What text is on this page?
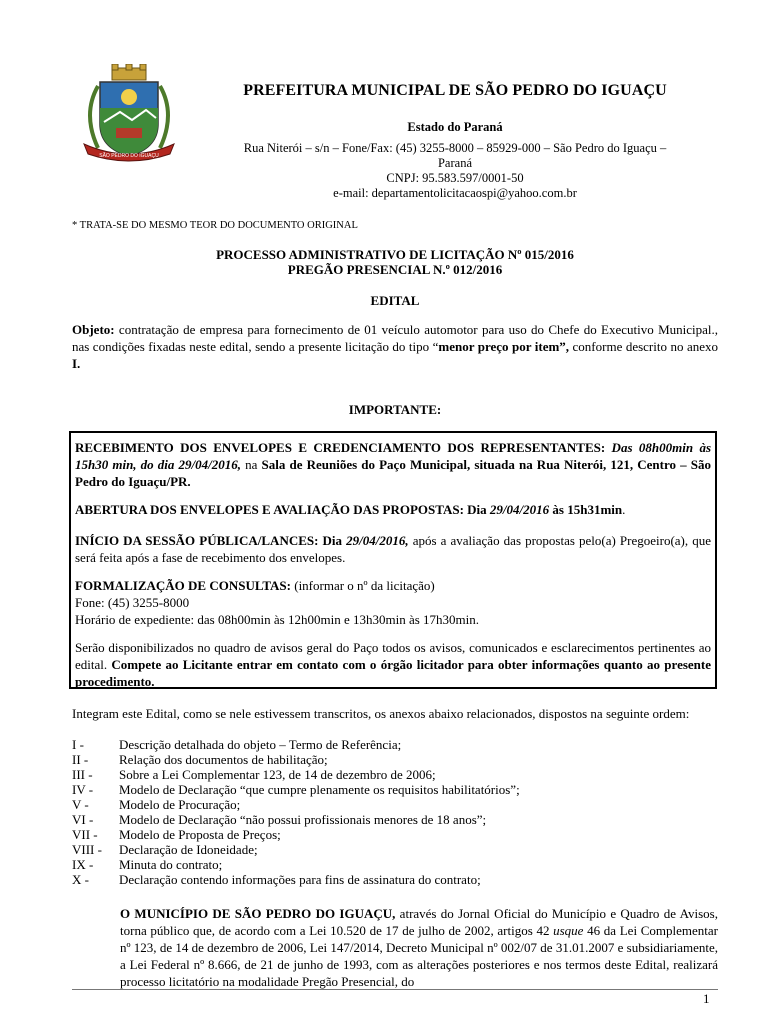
SÃO PEDRO DO IGUAÇU
PREFEITURA MUNICIPAL DE SÃO PEDRO DO IGUAÇU
Estado do Paraná
Rua Niterói – s/n – Fone/Fax: (45) 3255-8000 – 85929-000 – São Pedro do Iguaçu –
Paraná
CNPJ: 95.583.597/0001-50
e-mail: departamentolicitacaospi@yahoo.com.br
* TRATA-SE DO MESMO TEOR DO DOCUMENTO ORIGINAL
PROCESSO ADMINISTRATIVO DE LICITAÇÃO Nº 015/2016
PREGÃO PRESENCIAL N.º 012/2016
EDITAL
Objeto: contratação de empresa para fornecimento de 01 veículo automotor para uso do Chefe do Executivo Municipal., nas condições fixadas neste edital, sendo a presente licitação do tipo “menor preço por item”, conforme descrito no anexo I.
IMPORTANTE:
RECEBIMENTO DOS ENVELOPES E CREDENCIAMENTO DOS REPRESENTANTES: Das 08h00min às 15h30 min, do dia 29/04/2016, na Sala de Reuniões do Paço Municipal, situada na Rua Niterói, 121, Centro – São Pedro do Iguaçu/PR.
ABERTURA DOS ENVELOPES E AVALIAÇÃO DAS PROPOSTAS: Dia 29/04/2016 às 15h31min.
INÍCIO DA SESSÃO PÚBLICA/LANCES: Dia 29/04/2016, após a avaliação das propostas pelo(a) Pregoeiro(a), que será feita após a fase de recebimento dos envelopes.
FORMALIZAÇÃO DE CONSULTAS: (informar o nº da licitação)
Fone: (45) 3255-8000
Horário de expediente: das 08h00min às 12h00min e 13h30min às 17h30min.
Serão disponibilizados no quadro de avisos geral do Paço todos os avisos, comunicados e esclarecimentos pertinentes ao edital. Compete ao Licitante entrar em contato com o órgão licitador para obter informações quanto ao presente procedimento.
Integram este Edital, como se nele estivessem transcritos, os anexos abaixo relacionados, dispostos na seguinte ordem:
I -	Descrição detalhada do objeto – Termo de Referência;
II - Relação dos documentos de habilitação;
III - Sobre a Lei Complementar 123, de 14 de dezembro de 2006;
IV - Modelo de Declaração “que cumpre plenamente os requisitos habilitatórios”;
V - Modelo de Procuração;
VI - Modelo de Declaração “não possui profissionais menores de 18 anos”;
VII - Modelo de Proposta de Preços;
VIII - Declaração de Idoneidade;
IX - Minuta do contrato;
X - Declaração contendo informações para fins de assinatura do contrato;
O MUNICÍPIO DE SÃO PEDRO DO IGUAÇU, através do Jornal Oficial do Município e Quadro de Avisos, torna público que, de acordo com a Lei 10.520 de 17 de julho de 2002, artigos 42 usque 46 da Lei Complementar nº 123, de 14 de dezembro de 2006, Lei 147/2014, Decreto Municipal nº 002/07 de 31.01.2007 e subsidiariamente, a Lei Federal nº 8.666, de 21 de junho de 1993, com as alterações posteriores e nos termos deste Edital, realizará processo licitatório na modalidade Pregão Presencial, do
1
